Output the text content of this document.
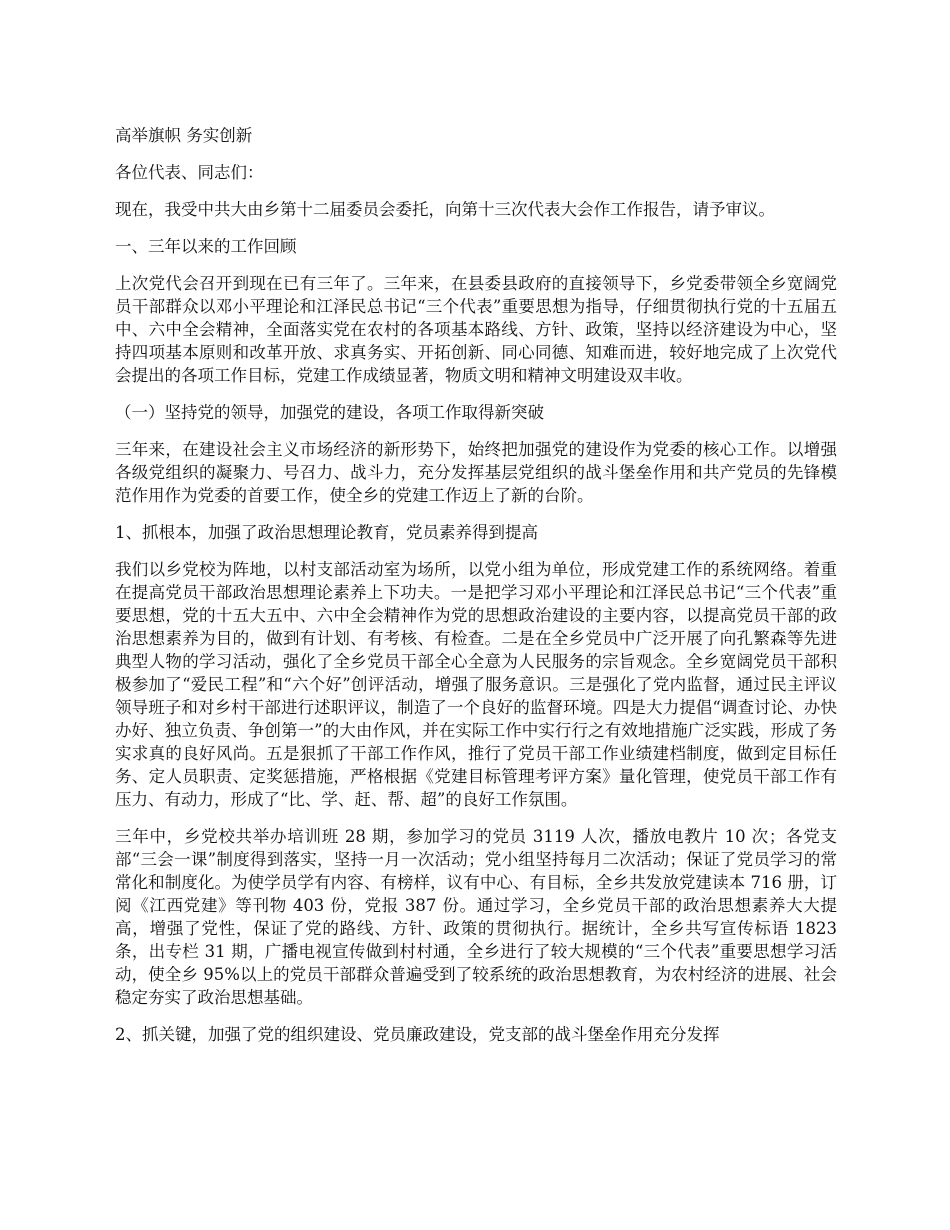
高举旗帜 务实创新

各位代表、同志们：

现在，我受中共大由乡第十二届委员会委托，向第十三次代表大会作工作报告，请予审议。

一、三年以来的工作回顾

上次党代会召开到现在已有三年了。三年来，在县委县政府的直接领导下，乡党委带领全乡宽阔党员干部群众以邓小平理论和江泽民总书记“三个代表”重要思想为指导，仔细贯彻执行党的十五届五中、六中全会精神，全面落实党在农村的各项基本路线、方针、政策，坚持以经济建设为中心，坚持四项基本原则和改革开放、求真务实、开拓创新、同心同德、知难而进，较好地完成了上次党代会提出的各项工作目标，党建工作成绩显著，物质文明和精神文明建设双丰收。

（一）坚持党的领导，加强党的建设，各项工作取得新突破

三年来，在建设社会主义市场经济的新形势下，始终把加强党的建设作为党委的核心工作。以增强各级党组织的凝聚力、号召力、战斗力，充分发挥基层党组织的战斗堡垒作用和共产党员的先锋模范作用作为党委的首要工作，使全乡的党建工作迈上了新的台阶。

1、抓根本，加强了政治思想理论教育，党员素养得到提高

我们以乡党校为阵地，以村支部活动室为场所，以党小组为单位，形成党建工作的系统网络。着重在提高党员干部政治思想理论素养上下功夫。一是把学习邓小平理论和江泽民总书记“三个代表”重要思想，党的十五大五中、六中全会精神作为党的思想政治建设的主要内容，以提高党员干部的政治思想素养为目的，做到有计划、有考核、有检查。二是在全乡党员中广泛开展了向孔繁森等先进典型人物的学习活动，强化了全乡党员干部全心全意为人民服务的宗旨观念。全乡宽阔党员干部积极参加了“爱民工程”和“六个好”创评活动，增强了服务意识。三是强化了党内监督，通过民主评议领导班子和对乡村干部进行述职评议，制造了一个良好的监督环境。四是大力提倡“调查讨论、办快办好、独立负责、争创第一”的大由作风，并在实际工作中实行行之有效地措施广泛实践，形成了务实求真的良好风尚。五是狠抓了干部工作作风，推行了党员干部工作业绩建档制度，做到定目标任务、定人员职责、定奖惩措施，严格根据《党建目标管理考评方案》量化管理，使党员干部工作有压力、有动力，形成了“比、学、赶、帮、超”的良好工作氛围。

三年中，乡党校共举办培训班 28 期，参加学习的党员 3119 人次，播放电教片 10 次；各党支部“三会一课”制度得到落实，坚持一月一次活动；党小组坚持每月二次活动；保证了党员学习的常常化和制度化。为使学员学有内容、有榜样，议有中心、有目标，全乡共发放党建读本 716 册，订阅《江西党建》等刊物 403 份，党报 387 份。通过学习，全乡党员干部的政治思想素养大大提高，增强了党性，保证了党的路线、方针、政策的贯彻执行。据统计，全乡共写宣传标语 1823 条，出专栏 31 期，广播电视宣传做到村村通，全乡进行了较大规模的“三个代表”重要思想学习活动，使全乡 95%以上的党员干部群众普遍受到了较系统的政治思想教育，为农村经济的进展、社会稳定夯实了政治思想基础。

2、抓关键，加强了党的组织建设、党员廉政建设，党支部的战斗堡垒作用充分发挥
